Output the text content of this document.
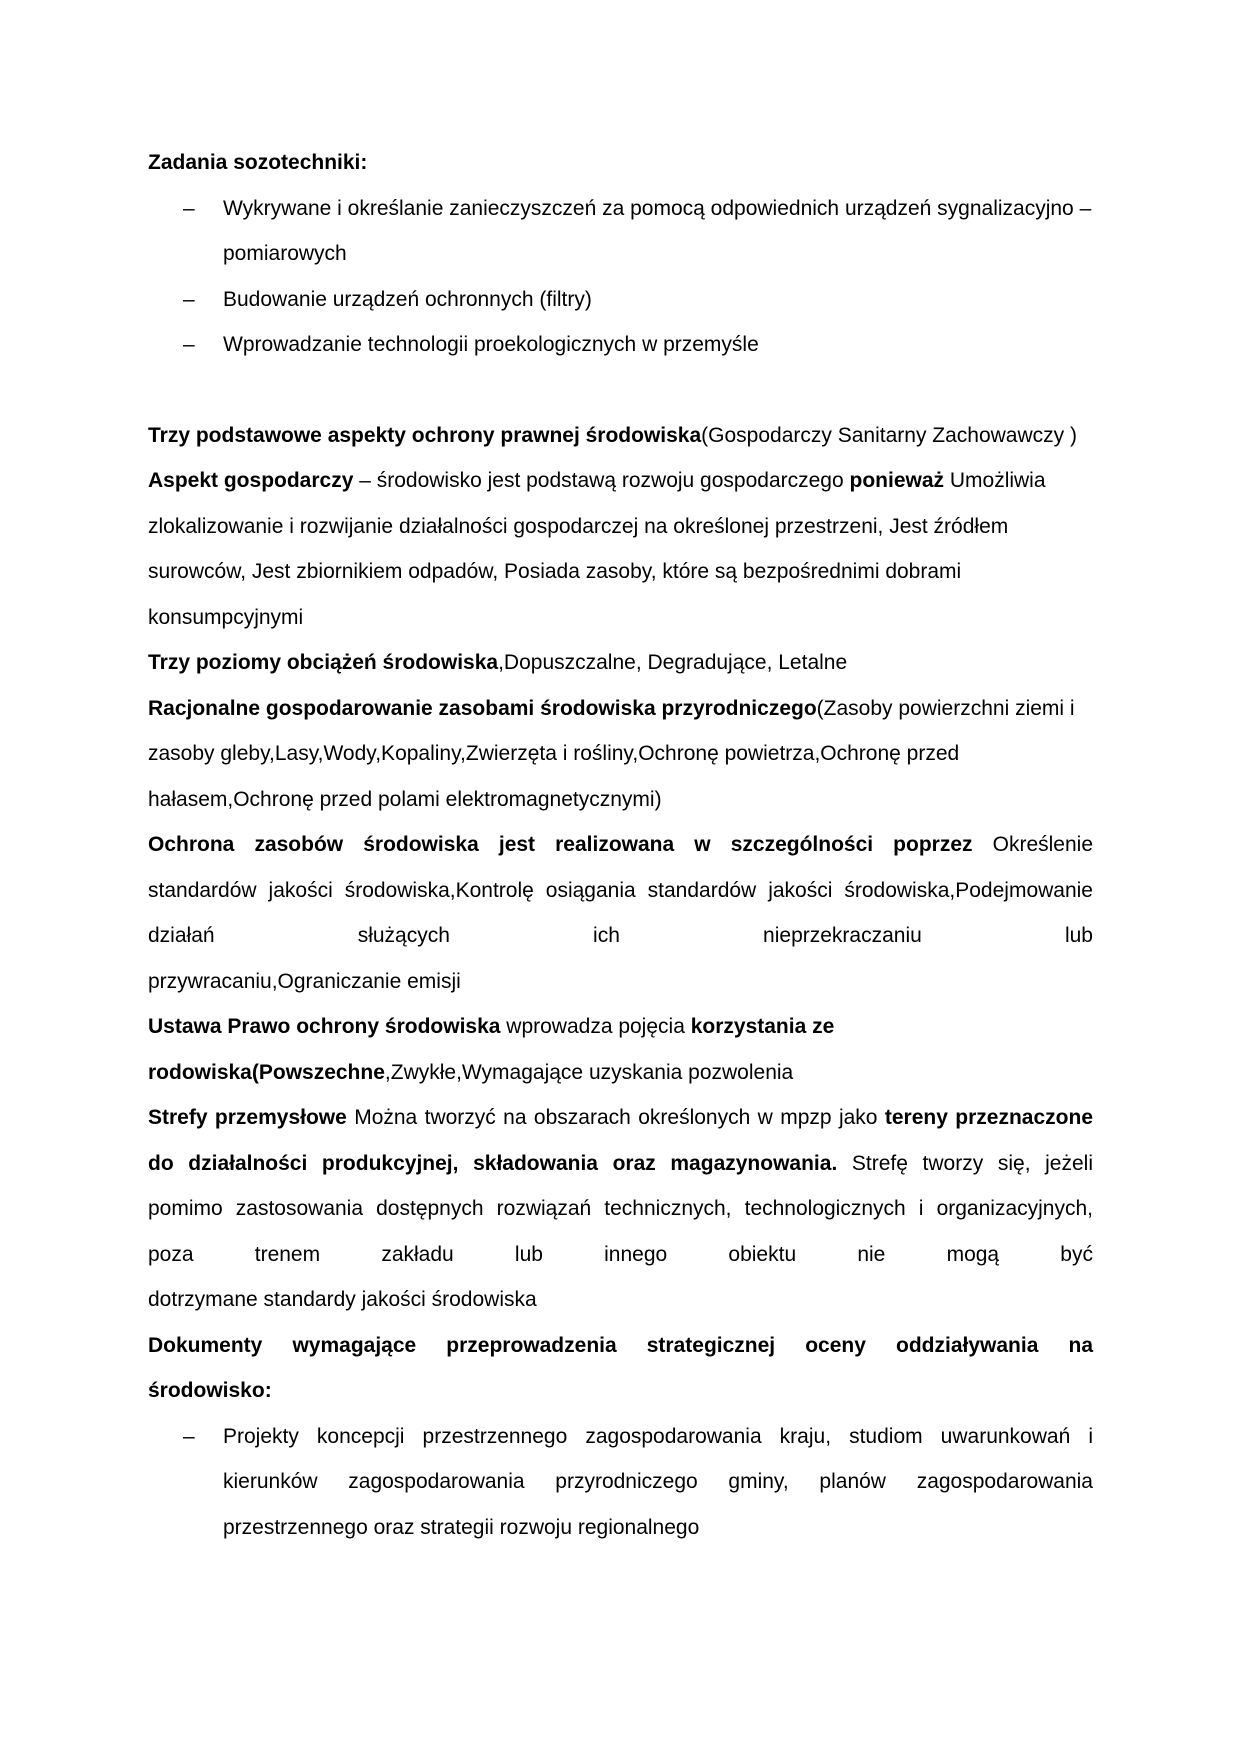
Zadania sozotechniki:

– Wykrywane i określanie zanieczyszczeń za pomocą odpowiednich urządzeń sygnalizacyjno – pomiarowych
– Budowanie urządzeń ochronnych (filtry)
– Wprowadzanie technologii proekologicznych w przemyśle

Trzy podstawowe aspekty ochrony prawnej środowiska(Gospodarczy Sanitarny Zachowawczy )

Aspekt gospodarczy – środowisko jest podstawą rozwoju gospodarczego ponieważ Umożliwia zlokalizowanie i rozwijanie działalności gospodarczej na określonej przestrzeni, Jest źródłem surowców, Jest zbiornikiem odpadów, Posiada zasoby, które są bezpośrednimi dobrami konsumpcyjnymi

Trzy poziomy obciążeń środowiska,Dopuszczalne, Degradujące, Letalne

Racjonalne gospodarowanie zasobami środowiska przyrodniczego(Zasoby powierzchni ziemi i zasoby gleby,Lasy,Wody,Kopaliny,Zwierzęta i rośliny,Ochronę powietrza,Ochronę przed hałasem,Ochronę przed polami elektromagnetycznymi)

Ochrona zasobów środowiska jest realizowana w szczególności poprzez Określenie standardów jakości środowiska,Kontrolę osiągania standardów jakości środowiska,Podejmowanie działań służących ich nieprzekraczaniu lub
przywracaniu,Ograniczanie emisji

Ustawa Prawo ochrony środowiska wprowadza pojęcia korzystania ze rodowiska(Powszechne,Zwykłe,Wymagające uzyskania pozwolenia

Strefy przemysłowe Można tworzyć na obszarach określonych w mpzp jako tereny przeznaczone do działalności produkcyjnej, składowania oraz magazynowania. Strefę tworzy się, jeżeli pomimo zastosowania dostępnych rozwiązań technicznych, technologicznych i organizacyjnych, poza trenem zakładu lub innego obiektu nie mogą być
dotrzymane standardy jakości środowiska

Dokumenty wymagające przeprowadzenia strategicznej oceny oddziaływania na
środowisko:

– Projekty koncepcji przestrzennego zagospodarowania kraju, studiom uwarunkowań i kierunków zagospodarowania przyrodniczego gminy, planów zagospodarowania
przestrzennego oraz strategii rozwoju regionalnego
